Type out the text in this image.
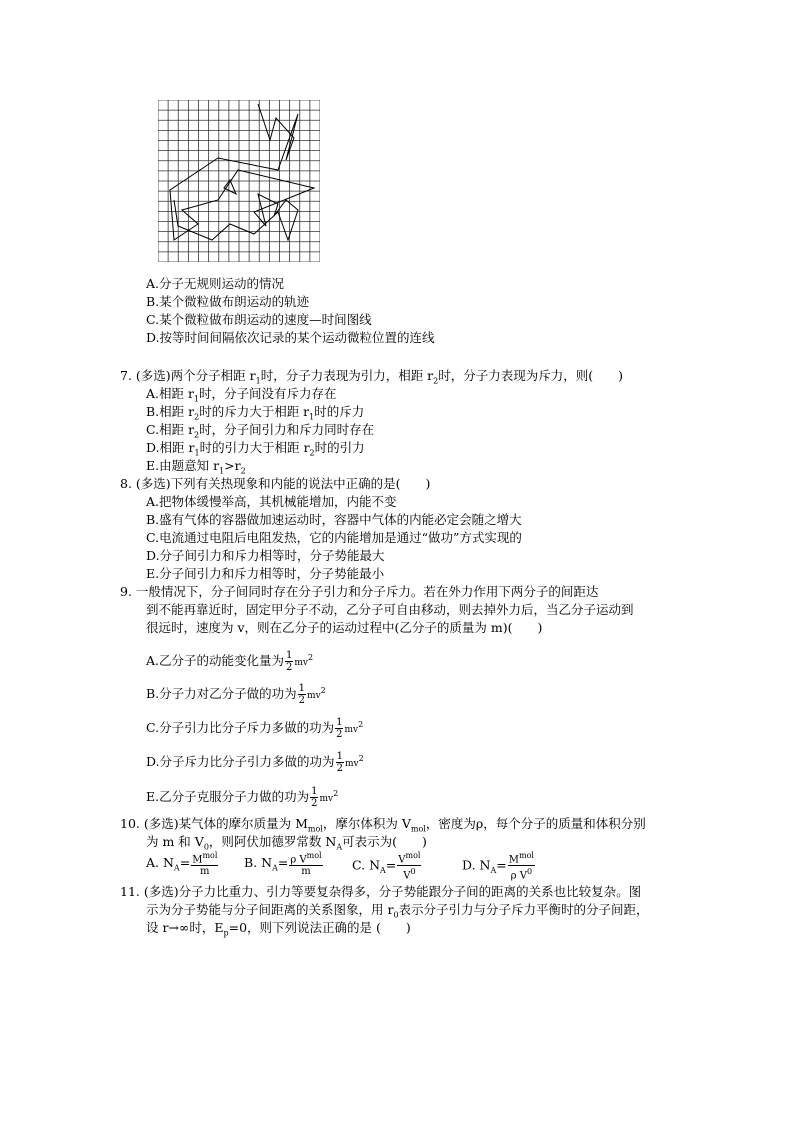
A.分子无规则运动的情况
B.某个微粒做布朗运动的轨迹
C.某个微粒做布朗运动的速度—时间图线
D.按等时间间隔依次记录的某个运动微粒位置的连线
7. (多选)两个分子相距 $r_1$时，分子力表现为引力，相距 $r_2$时，分子力表现为斥力，则(　　)
A.相距 $r_1$时，分子间没有斥力存在
B.相距 $r_2$时的斥力大于相距 $r_1$时的斥力
C.相距 $r_2$时，分子间引力和斥力同时存在
D.相距 $r_1$时的引力大于相距 $r_2$时的引力
E.由题意知 $r_1>r_2$
8. (多选)下列有关热现象和内能的说法中正确的是(　　)
A.把物体缓慢举高，其机械能增加，内能不变
B.盛有气体的容器做加速运动时，容器中气体的内能必定会随之增大
C.电流通过电阻后电阻发热，它的内能增加是通过“做功”方式实现的
D.分子间引力和斥力相等时，分子势能最大
E.分子间引力和斥力相等时，分子势能最小
9. 一般情况下，分子间同时存在分子引力和分子斥力。若在外力作用下两分子的间距达
到不能再靠近时，固定甲分子不动，乙分子可自由移动，则去掉外力后，当乙分子运动到
很远时，速度为 v，则在乙分子的运动过程中(乙分子的质量为 m)(　　)
A.乙分子的动能变化量为 $\frac{1}{2} mv^2$
B.分子力对乙分子做的功为 $\frac{1}{2} mv^2$
C.分子引力比分子斥力多做的功为 $\frac{1}{2} mv^2$
D.分子斥力比分子引力多做的功为 $\frac{1}{2} mv^2$
E.乙分子克服分子力做的功为 $\frac{1}{2} mv^2$
10. (多选)某气体的摩尔质量为 $M_{mol}$，摩尔体积为 $V_{mol}$，密度为ρ，每个分子的质量和体积分别
为 m 和 $V_0$，则阿伏加德罗常数 $N_A$可表示为(　　)
A. $N_A= \frac{M^{mol}}{m} B$. $N_A= \frac{\rho V^{mol}}{m} C$. $N_A= \frac{V^{mol}}{V^0}$	D. $N_A= \frac{M^{mol}}{\rho V^0}$
11. (多选)分子力比重力、引力等要复杂得多，分子势能跟分子间的距离的关系也比较复杂。图
示为分子势能与分子间距离的关系图象，用 $r_0$表示分子引力与分子斥力平衡时的分子间距，
设 r→∞时，$E_p=0$，则下列说法正确的是 (　　)
